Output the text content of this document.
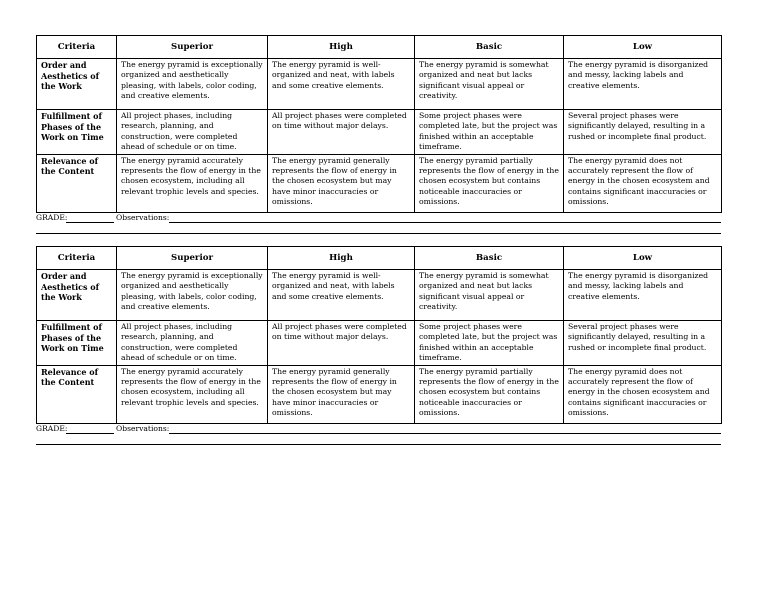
Criteria	Superior	High	Basic	Low
Order and Aesthetics of the Work	The energy pyramid is exceptionally organized and aesthetically pleasing, with labels, color coding, and creative elements.	The energy pyramid is well-organized and neat, with labels and some creative elements.	The energy pyramid is somewhat organized and neat but lacks significant visual appeal or creativity.	The energy pyramid is disorganized and messy, lacking labels and creative elements.
Fulfillment of Phases of the Work on Time	All project phases, including research, planning, and construction, were completed ahead of schedule or on time.	All project phases were completed on time without major delays.	Some project phases were completed late, but the project was finished within an acceptable timeframe.	Several project phases were significantly delayed, resulting in a rushed or incomplete final product.
Relevance of the Content	The energy pyramid accurately represents the flow of energy in the chosen ecosystem, including all relevant trophic levels and species.	The energy pyramid generally represents the flow of energy in the chosen ecosystem but may have minor inaccuracies or omissions.	The energy pyramid partially represents the flow of energy in the chosen ecosystem but contains noticeable inaccuracies or omissions.	The energy pyramid does not accurately represent the flow of energy in the chosen ecosystem and contains significant inaccuracies or omissions.
GRADE:	Observations:
Criteria	Superior	High	Basic	Low
Order and Aesthetics of the Work	The energy pyramid is exceptionally organized and aesthetically pleasing, with labels, color coding, and creative elements.	The energy pyramid is well-organized and neat, with labels and some creative elements.	The energy pyramid is somewhat organized and neat but lacks significant visual appeal or creativity.	The energy pyramid is disorganized and messy, lacking labels and creative elements.
Fulfillment of Phases of the Work on Time	All project phases, including research, planning, and construction, were completed ahead of schedule or on time.	All project phases were completed on time without major delays.	Some project phases were completed late, but the project was finished within an acceptable timeframe.	Several project phases were significantly delayed, resulting in a rushed or incomplete final product.
Relevance of the Content	The energy pyramid accurately represents the flow of energy in the chosen ecosystem, including all relevant trophic levels and species.	The energy pyramid generally represents the flow of energy in the chosen ecosystem but may have minor inaccuracies or omissions.	The energy pyramid partially represents the flow of energy in the chosen ecosystem but contains noticeable inaccuracies or omissions.	The energy pyramid does not accurately represent the flow of energy in the chosen ecosystem and contains significant inaccuracies or omissions.
GRADE:	Observations:
